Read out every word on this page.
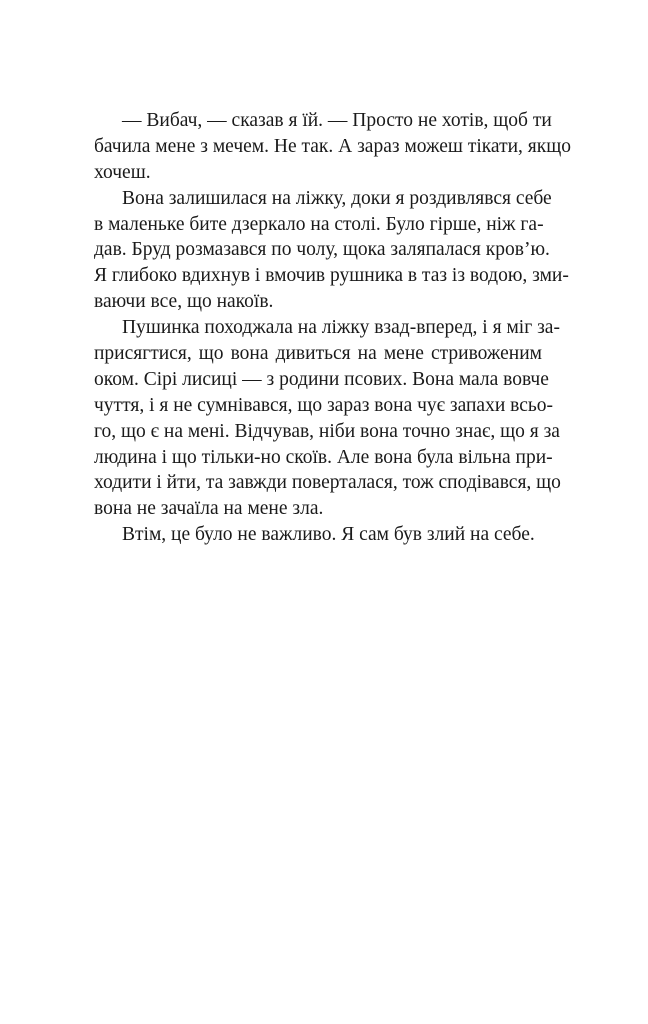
— Вибач, — сказав я їй. — Просто не хотів, щоб ти
бачила мене з мечем. Не так. А зараз можеш тікати, якщо
хочеш.
Вона залишилася на ліжку, доки я роздивлявся себе
в маленьке бите дзеркало на столі. Було гірше, ніж га-
дав. Бруд розмазався по чолу, щока заляпалася кров’ю.
Я глибоко вдихнув і вмочив рушника в таз із водою, зми-
ваючи все, що накоїв.
Пушинка походжала на ліжку взад-вперед, і я міг за-
присягтися, що вона дивиться на мене стривоженим
оком. Сірі лисиці — з родини псових. Вона мала вовче
чуття, і я не сумнівався, що зараз вона чує запахи всьо-
го, що є на мені. Відчував, ніби вона точно знає, що я за
людина і що тільки-но скоїв. Але вона була вільна при-
ходити і йти, та завжди поверталася, тож сподівався, що
вона не зачаїла на мене зла.
Втім, це було не важливо. Я сам був злий на себе.
